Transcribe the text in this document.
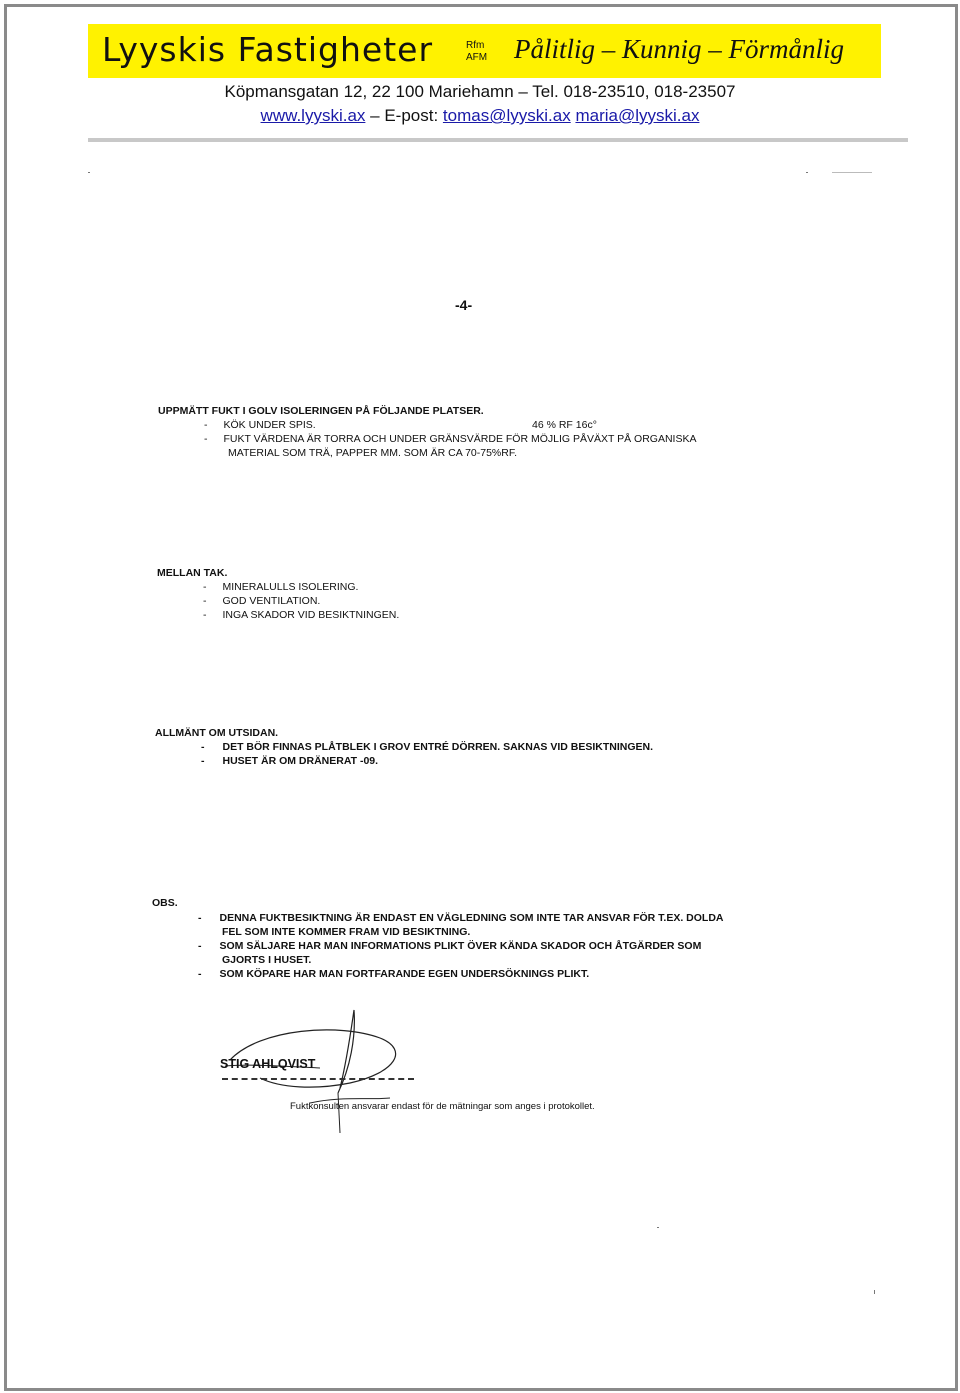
Lyyskis Fastigheter	Rfm
AFM Pålitlig – Kunnig – Förmånlig
Köpmansgatan 12, 22 100 Mariehamn – Tel. 018-23510, 018-23507
www.lyyski.ax – E-post: tomas@lyyski.ax maria@lyyski.ax
-4-
UPPMÄTT FUKT I GOLV ISOLERINGEN PÅ FÖLJANDE PLATSER.
- KÖK UNDER SPIS.	46 % RF 16c°
- FUKT VÄRDENA ÄR TORRA OCH UNDER GRÄNSVÄRDE FÖR MÖJLIG PÅVÄXT PÅ ORGANISKA
MATERIAL SOM TRÄ, PAPPER MM. SOM ÄR CA 70-75%RF.
MELLAN TAK.
- MINERALULLS ISOLERING.
- GOD VENTILATION.
- INGA SKADOR VID BESIKTNINGEN.
ALLMÄNT OM UTSIDAN.
- DET BÖR FINNAS PLÅTBLEK I GROV ENTRÉ DÖRREN. SAKNAS VID BESIKTNINGEN.
- HUSET ÄR OM DRÄNERAT -09.
OBS.
- DENNA FUKTBESIKTNING ÄR ENDAST EN VÄGLEDNING SOM INTE TAR ANSVAR FÖR T.EX. DOLDA
FEL SOM INTE KOMMER FRAM VID BESIKTNING.
- SOM SÄLJARE HAR MAN INFORMATIONS PLIKT ÖVER KÄNDA SKADOR OCH ÅTGÄRDER SOM
GJORTS I HUSET.
- SOM KÖPARE HAR MAN FORTFARANDE EGEN UNDERSÖKNINGS PLIKT.
STIG AHLQVIST
Fuktkonsulten ansvarar endast för de mätningar som anges i protokollet.
